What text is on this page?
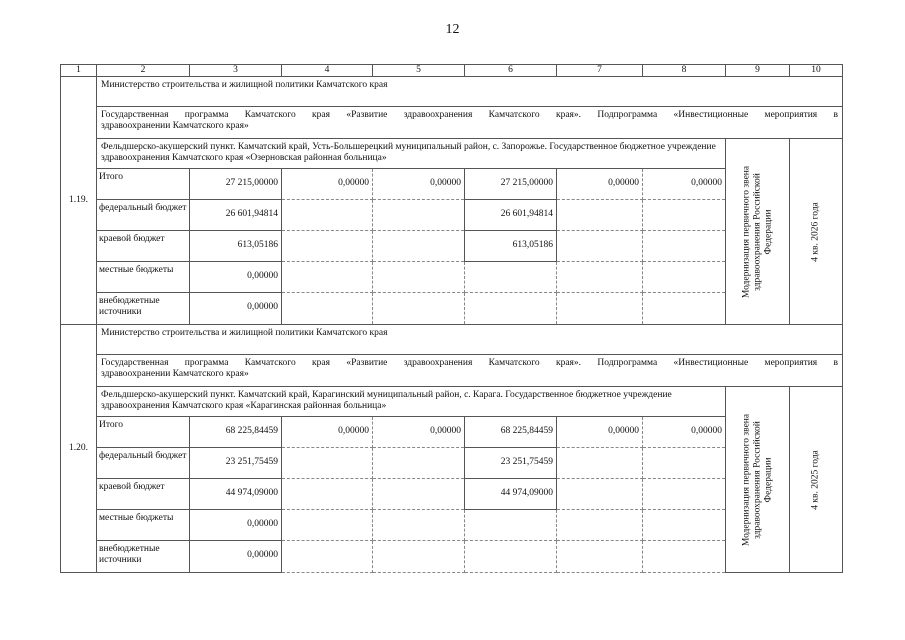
12
1	2	3	4	5	6	7	8	9	10
1.19.	Министерство строительства и жилищной политики Камчатского края								

	Государственная программа Камчатского края «Развитие здравоохранения Камчатского края». Подпрограмма «Инвестиционные мероприятия в
здравоохранении Камчатского края»								
	Фельдшерско-акушерский пункт. Камчатский край, Усть-Большерецкий муниципальный район, с. Запорожье. Государственное бюджетное учреждение здравоохранения Камчатского края «Озерновская районная больница»							Модернизация первичного звена здравоохранения Российской Федерации	4 кв. 2026 года

	Итого	27 215,00000	0,00000	0,00000	27 215,00000	0,00000	0,00000		
	федеральный бюджет	26 601,94814			26 601,94814				
	краевой бюджет	613,05186			613,05186				
	местные бюджеты	0,00000							
	внебюджетные источники	0,00000							
1.20.	Министерство строительства и жилищной политики Камчатского края								

	Государственная программа Камчатского края «Развитие здравоохранения Камчатского края». Подпрограмма «Инвестиционные мероприятия в
здравоохранении Камчатского края»								
	Фельдшерско-акушерский пункт. Камчатский край, Карагинский муниципальный район, с. Карага. Государственное бюджетное учреждение здравоохранения Камчатского края «Карагинская районная больница»							Модернизация первичного звена здравоохранения Российской Федерации	4 кв. 2025 года

	Итого	68 225,84459	0,00000	0,00000	68 225,84459	0,00000	0,00000		
	федеральный бюджет	23 251,75459			23 251,75459				
	краевой бюджет	44 974,09000			44 974,09000				
	местные бюджеты	0,00000							
	внебюджетные источники	0,00000							
